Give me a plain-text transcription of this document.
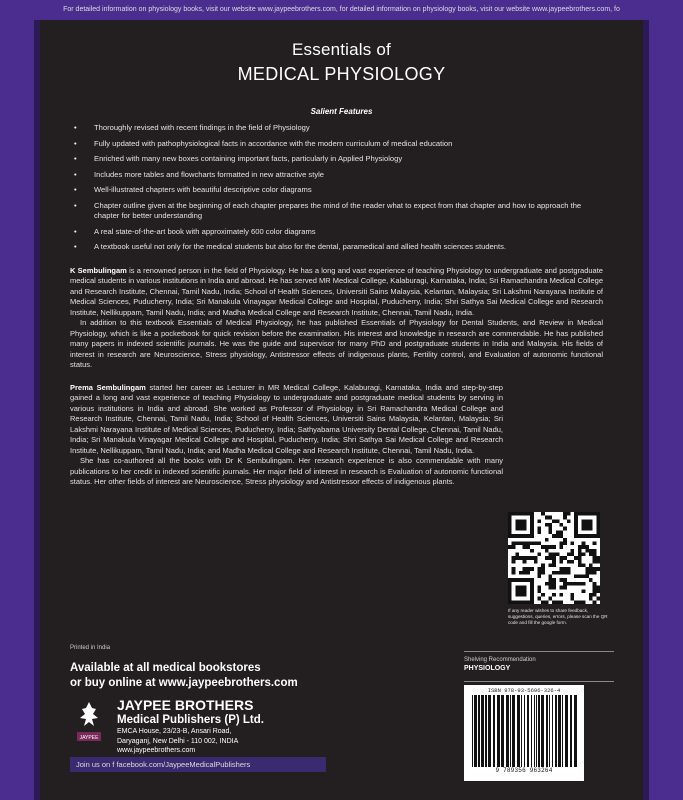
For detailed information on physiology books, visit our website www.jaypeebrothers.com, for detailed information on physiology books, visit our website www.jaypeebrothers.com, fo
Essentials of
MEDICAL PHYSIOLOGY
Salient Features
• Thoroughly revised with recent findings in the field of Physiology
• Fully updated with pathophysiological facts in accordance with the modern curriculum of medical education
• Enriched with many new boxes containing important facts, particularly in Applied Physiology
• Includes more tables and flowcharts formatted in new attractive style
• Well-illustrated chapters with beautiful descriptive color diagrams
• Chapter outline given at the beginning of each chapter prepares the mind of the reader what to expect from that chapter and how to approach the chapter for better understanding
• A real state-of-the-art book with approximately 600 color diagrams
• A textbook useful not only for the medical students but also for the dental, paramedical and allied health sciences students.

K Sembulingam is a renowned person in the field of Physiology. He has a long and vast experience of teaching Physiology to undergraduate and postgraduate medical students in various institutions in India and abroad. He has served MR Medical College, Kalaburagi, Karnataka, India; Sri Ramachandra Medical College and Research Institute, Chennai, Tamil Nadu, India; School of Health Sciences, Universiti Sains Malaysia, Kelantan, Malaysia; Sri Lakshmi Narayana Institute of Medical Sciences, Puducherry, India; Sri Manakula Vinayagar Medical College and Hospital, Puducherry, India; Shri Sathya Sai Medical College and Research Institute, Nellikuppam, Tamil Nadu, India; and Madha Medical College and Research Institute, Chennai, Tamil Nadu, India.

In addition to this textbook Essentials of Medical Physiology, he has published Essentials of Physiology for Dental Students, and Review in Medical Physiology, which is like a pocketbook for quick revision before the examination. His interest and knowledge in research are commendable. He has published many papers in indexed scientific journals. He was the guide and supervisor for many PhD and postgraduate students in India and Malaysia. His fields of interest in research are Neuroscience, Stress physiology, Antistressor effects of indigenous plants, Fertility control, and Evaluation of autonomic functional status.

Prema Sembulingam started her career as Lecturer in MR Medical College, Kalaburagi, Karnataka, India and step-by-step gained a long and vast experience of teaching Physiology to undergraduate and postgraduate medical students by serving in various institutions in India and abroad. She worked as Professor of Physiology in Sri Ramachandra Medical College and Research Institute, Chennai, Tamil Nadu, India; School of Health Sciences, Universiti Sains Malaysia, Kelantan, Malaysia; Sri Lakshmi Narayana Institute of Medical Sciences, Puducherry, India; Sathyabama University Dental College, Chennai, Tamil Nadu, India; Sri Manakula Vinayagar Medical College and Hospital, Puducherry, India; Shri Sathya Sai Medical College and Research Institute, Nellikuppam, Tamil Nadu, India; and Madha Medical College and Research Institute, Chennai, Tamil Nadu, India.

She has co-authored all the books with Dr K Sembulingam. Her research experience is also commendable with many publications to her credit in indexed scientific journals. Her major field of interest in research is Evaluation of autonomic functional status. Her other fields of interest are Neuroscience, Stress physiology and Antistressor effects of indigenous plants.

If any reader wishes to share feedback, suggestions, queries, errors, please scan the QR code and fill the google form.
Printed in India
Available at all medical bookstores
or buy online at www.jaypeebrothers.com
JAYPEE
JAYPEE BROTHERS
Medical Publishers (P) Ltd.
EMCA House, 23/23-B, Ansari Road,
Daryaganj, New Delhi - 110 002, INDIA
www.jaypeebrothers.com
Join us on f facebook.com/JaypeeMedicalPublishers
Shelving Recommendation
PHYSIOLOGY
ISBN 978-93-5696-326-4
9 789356 963264
